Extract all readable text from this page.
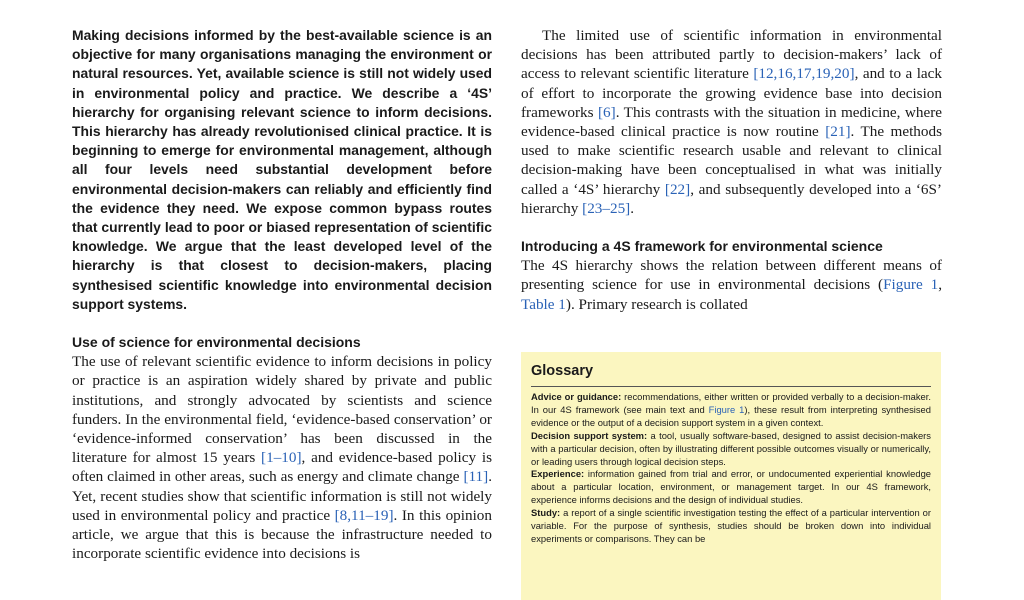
Making decisions informed by the best-available science is an objective for many organisations managing the environment or natural resources. Yet, available science is still not widely used in environmental policy and practice. We describe a ‘4S’ hierarchy for organising relevant science to inform decisions. This hierarchy has already revolutionised clinical practice. It is beginning to emerge for environmental management, although all four levels need substantial development before environmental decision-makers can reliably and efficiently find the evidence they need. We expose common bypass routes that currently lead to poor or biased representation of scientific knowledge. We argue that the least developed level of the hierarchy is that closest to decision-makers, placing synthesised scientific knowledge into environmental decision support systems.

Use of science for environmental decisions

The use of relevant scientific evidence to inform decisions in policy or practice is an aspiration widely shared by private and public institutions, and strongly advocated by scientists and science funders. In the environmental field, ‘evidence-based conservation’ or ‘evidence-informed conservation’ has been discussed in the literature for almost 15 years [1–10], and evidence-based policy is often claimed in other areas, such as energy and climate change [11]. Yet, recent studies show that scientific information is still not widely used in environmental policy and practice [8,11–19]. In this opinion article, we argue that this is because the infrastructure needed to incorporate scientific evidence into decisions is

The limited use of scientific information in environmental decisions has been attributed partly to decision-makers’ lack of access to relevant scientific literature [12,16,17,19,20], and to a lack of effort to incorporate the growing evidence base into decision frameworks [6]. This contrasts with the situation in medicine, where evidence-based clinical practice is now routine [21]. The methods used to make scientific research usable and relevant to clinical decision-making have been conceptualised in what was initially called a ‘4S’ hierarchy [22], and subsequently developed into a ‘6S’ hierarchy [23–25].

Introducing a 4S framework for environmental science

The 4S hierarchy shows the relation between different means of presenting science for use in environmental decisions (Figure 1, Table 1). Primary research is collated

Glossary

Advice or guidance: recommendations, either written or provided verbally to a decision-maker. In our 4S framework (see main text and Figure 1), these result from interpreting synthesised evidence or the output of a decision support system in a given context.

Decision support system: a tool, usually software-based, designed to assist decision-makers with a particular decision, often by illustrating different possible outcomes visually or numerically, or leading users through logical decision steps.

Experience: information gained from trial and error, or undocumented experiential knowledge about a particular location, environment, or management target. In our 4S framework, experience informs decisions and the design of individual studies.

Study: a report of a single scientific investigation testing the effect of a particular intervention or variable. For the purpose of synthesis, studies should be broken down into individual experiments or comparisons. They can be
